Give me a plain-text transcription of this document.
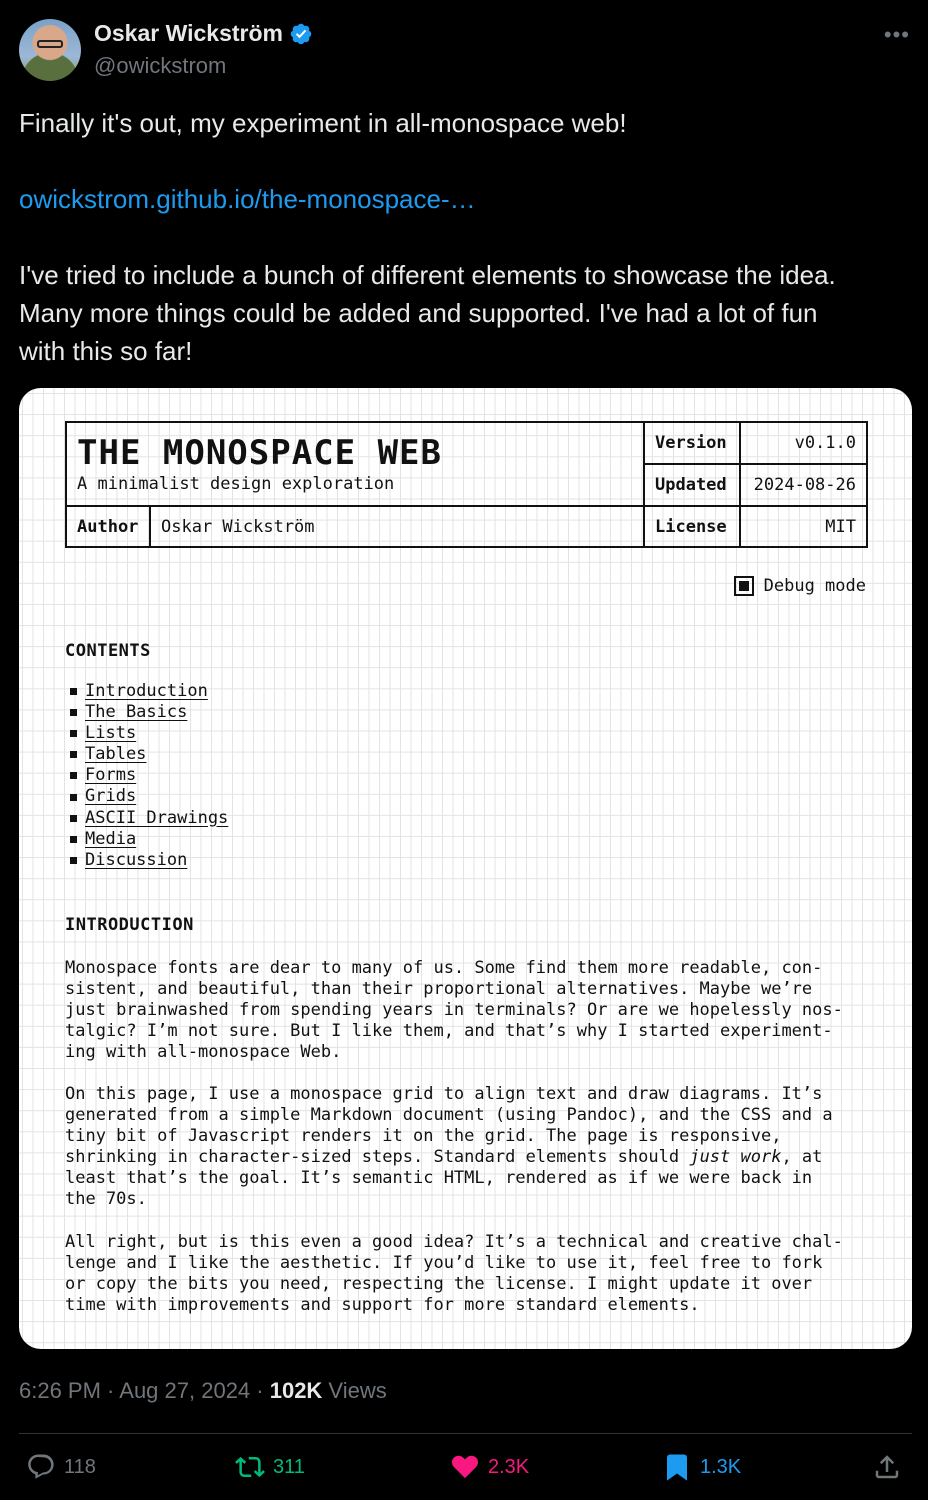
Oskar Wickström
@owickstrom
•••

Finally it's out, my experiment in all-monospace web!

owickstrom.github.io/the-monospace-…

I've tried to include a bunch of different elements to showcase the idea.

Many more things could be added and supported. I've had a lot of fun

with this so far!

THE MONOSPACE WEB
A minimalist design exploration		Version	v0.1.0
		Updated	2024-08-26
Author	Oskar Wickström	License	MIT
Debug mode
CONTENTS
Introduction
The Basics
Lists
Tables
Forms
Grids
ASCII Drawings
Media
Discussion
INTRODUCTION
Monospace fonts are dear to many of us. Some find them more readable, con-
sistent, and beautiful, than their proportional alternatives. Maybe we’re
just brainwashed from spending years in terminals? Or are we hopelessly nos-
talgic? I’m not sure. But I like them, and that’s why I started experiment-
ing with all-monospace Web.
On this page, I use a monospace grid to align text and draw diagrams. It’s
generated from a simple Markdown document (using Pandoc), and the CSS and a
tiny bit of Javascript renders it on the grid. The page is responsive,
shrinking in character-sized steps. Standard elements should just work, at
least that’s the goal. It’s semantic HTML, rendered as if we were back in
the 70s.
All right, but is this even a good idea? It’s a technical and creative chal-
lenge and I like the aesthetic. If you’d like to use it, feel free to fork
or copy the bits you need, respecting the license. I might update it over
time with improvements and support for more standard elements.
6:26 PM · Aug 27, 2024 · 102K Views
118	311	2.3K	1.3K
